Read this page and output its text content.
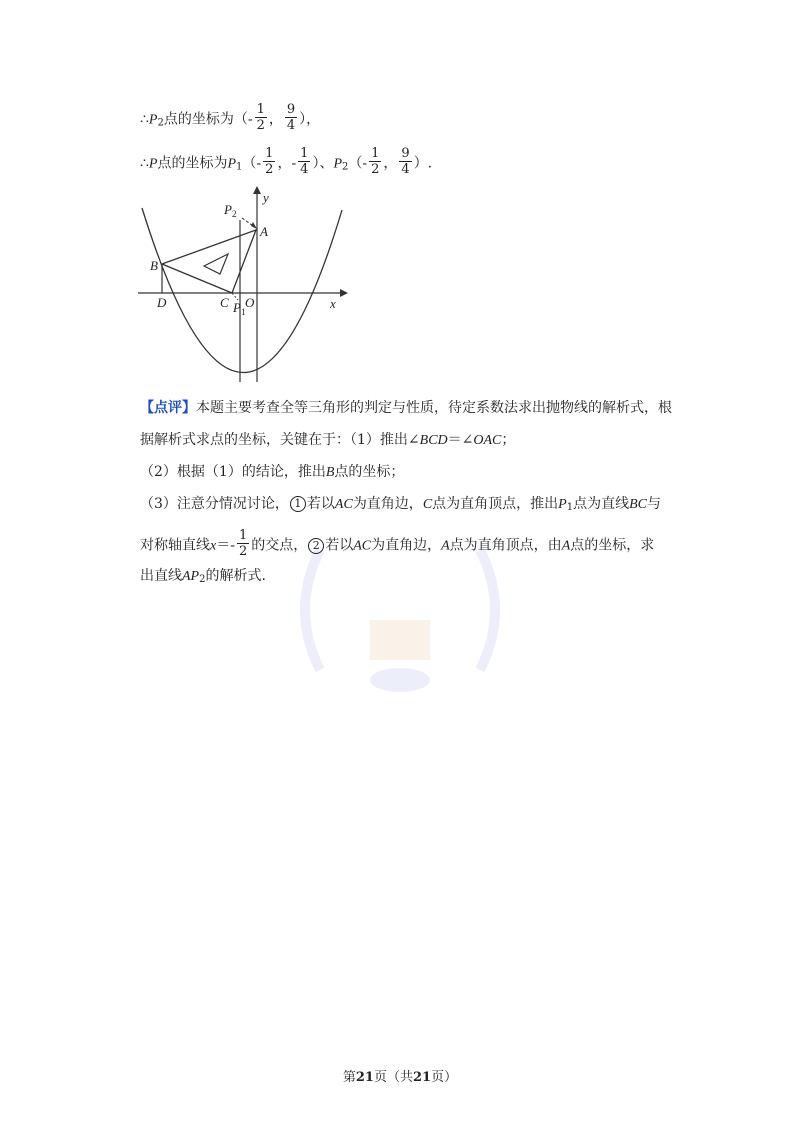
$\therefore P_2$点的坐标为（- $\frac{1}{2}$ ， $\frac{9}{4}$ ），
∴P点的坐标为$P_1(- \frac{1}{2}$ ，- $\frac{1}{4}$ ）、$P_2(- \frac{1}{2}$ ， $\frac{9}{4}$ ）.
y
x
A
B
C
D	O
P 1
P 2
【点评】本题主要考查全等三角形的判定与性质，待定系数法求出抛物线的解析式，根
据解析式求点的坐标，关键在于：（1）推出∠BCD＝∠OAC；
（2）根据（1）的结论，推出B点的坐标；
（3）注意分情况讨论， 1 若以AC为直角边，C点为直角顶点，推出$P_1$点为直线BC与
对称轴直线$x=- \frac{1}{2}$ 的交点， 2 若以AC为直角边，A点为直角顶点，由A点的坐标，求
出直线$AP_2$的解析式.
第21页（共21页）
